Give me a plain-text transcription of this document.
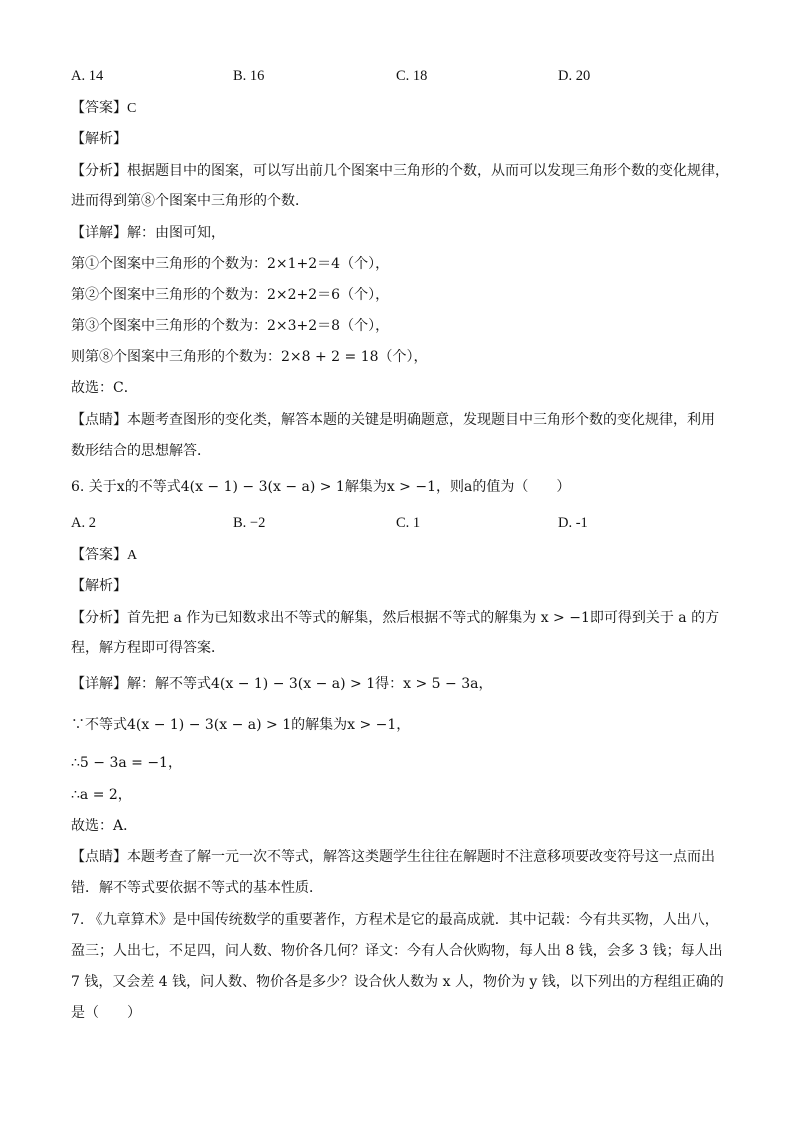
A. 14	B. 16	C. 18	D. 20
【答案】C
【解析】
【分析】根据题目中的图案，可以写出前几个图案中三角形的个数，从而可以发现三角形个数的变化规律，
进而得到第⑧个图案中三角形的个数．
【详解】解：由图可知，
第①个图案中三角形的个数为：2×1+2＝4（个），
第②个图案中三角形的个数为：2×2+2＝6（个），
第③个图案中三角形的个数为：2×3+2＝8（个），
则第⑧个图案中三角形的个数为：2×8 + 2 = 18（个），
故选：C．
【点睛】本题考查图形的变化类，解答本题的关键是明确题意，发现题目中三角形个数的变化规律，利用
数形结合的思想解答．
6. 关于x的不等式4(x − 1) − 3(x − a) > 1解集为x > −1，则a的值为（　　）
A. 2	B. −2	C. 1	D. -1
【答案】A
【解析】
【分析】首先把 a 作为已知数求出不等式的解集，然后根据不等式的解集为 x > −1即可得到关于 a 的方
程，解方程即可得答案．
【详解】解：解不等式4(x − 1) − 3(x − a) > 1得：x > 5 − 3a，
∵不等式4(x − 1) − 3(x − a) > 1的解集为x > −1，
∴5 − 3a = −1，
∴a = 2，
故选：A．
【点睛】本题考查了解一元一次不等式，解答这类题学生往往在解题时不注意移项要改变符号这一点而出
错．解不等式要依据不等式的基本性质．
7. 《九章算术》是中国传统数学的重要著作，方程术是它的最高成就．其中记载：今有共买物，人出八，
盈三；人出七，不足四，问人数、物价各几何？译文：今有人合伙购物，每人出 8 钱，会多 3 钱；每人出
7 钱，又会差 4 钱，问人数、物价各是多少？设合伙人数为 x 人，物价为 y 钱，以下列出的方程组正确的
是（　　）
